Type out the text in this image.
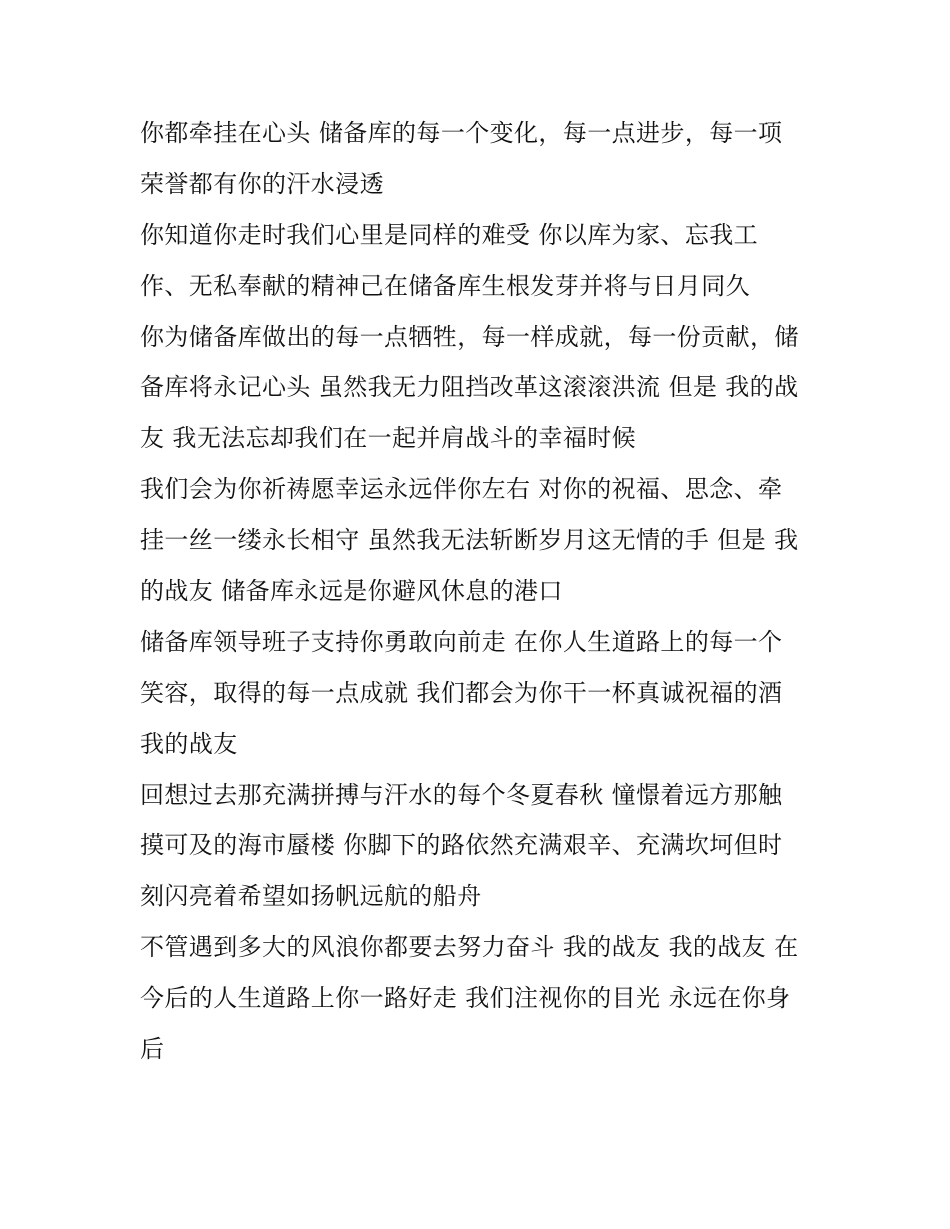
你都牵挂在心头 储备库的每一个变化，每一点进步，每一项
荣誉都有你的汗水浸透
你知道你走时我们心里是同样的难受 你以库为家、忘我工
作、无私奉献的精神己在储备库生根发芽并将与日月同久
你为储备库做出的每一点牺牲，每一样成就，每一份贡献，储
备库将永记心头 虽然我无力阻挡改革这滚滚洪流 但是 我的战
友 我无法忘却我们在一起并肩战斗的幸福时候
我们会为你祈祷愿幸运永远伴你左右 对你的祝福、思念、牵
挂一丝一缕永长相守 虽然我无法斩断岁月这无情的手 但是 我
的战友 储备库永远是你避风休息的港口
储备库领导班子支持你勇敢向前走 在你人生道路上的每一个
笑容，取得的每一点成就 我们都会为你干一杯真诚祝福的酒
我的战友
回想过去那充满拼搏与汗水的每个冬夏春秋 憧憬着远方那触
摸可及的海市蜃楼 你脚下的路依然充满艰辛、充满坎坷但时
刻闪亮着希望如扬帆远航的船舟
不管遇到多大的风浪你都要去努力奋斗 我的战友 我的战友 在
今后的人生道路上你一路好走 我们注视你的目光 永远在你身
后
